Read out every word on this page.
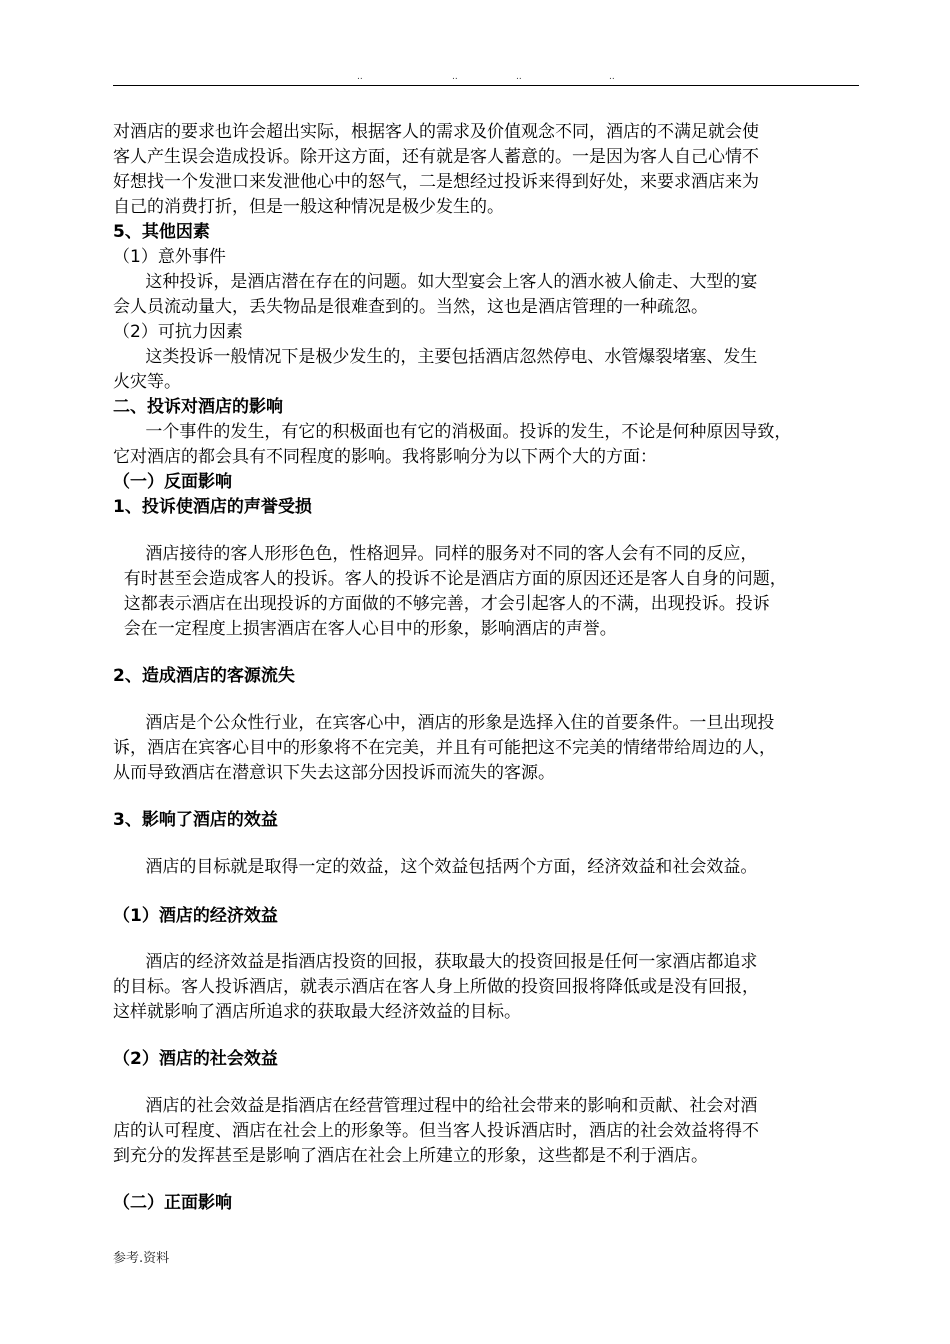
..	..	..	..
对酒店的要求也许会超出实际，根据客人的需求及价值观念不同，酒店的不满足就会使
客人产生误会造成投诉。除开这方面，还有就是客人蓄意的。一是因为客人自己心情不
好想找一个发泄口来发泄他心中的怒气，二是想经过投诉来得到好处，来要求酒店来为
自己的消费打折，但是一般这种情况是极少发生的。
5、其他因素
（1）意外事件
这种投诉，是酒店潜在存在的问题。如大型宴会上客人的酒水被人偷走、大型的宴
会人员流动量大，丢失物品是很难查到的。当然，这也是酒店管理的一种疏忽。
（2）可抗力因素
这类投诉一般情况下是极少发生的，主要包括酒店忽然停电、水管爆裂堵塞、发生
火灾等。
二、投诉对酒店的影响
一个事件的发生，有它的积极面也有它的消极面。投诉的发生，不论是何种原因导致，
它对酒店的都会具有不同程度的影响。我将影响分为以下两个大的方面：
（一）反面影响
1、投诉使酒店的声誉受损
酒店接待的客人形形色色，性格迥异。同样的服务对不同的客人会有不同的反应，
有时甚至会造成客人的投诉。客人的投诉不论是酒店方面的原因还还是客人自身的问题，
这都表示酒店在出现投诉的方面做的不够完善，才会引起客人的不满，出现投诉。投诉
会在一定程度上损害酒店在客人心目中的形象，影响酒店的声誉。
2、造成酒店的客源流失
酒店是个公众性行业，在宾客心中，酒店的形象是选择入住的首要条件。一旦出现投
诉，酒店在宾客心目中的形象将不在完美，并且有可能把这不完美的情绪带给周边的人，
从而导致酒店在潜意识下失去这部分因投诉而流失的客源。
3、影响了酒店的效益
酒店的目标就是取得一定的效益，这个效益包括两个方面，经济效益和社会效益。
（1）酒店的经济效益
酒店的经济效益是指酒店投资的回报，获取最大的投资回报是任何一家酒店都追求
的目标。客人投诉酒店，就表示酒店在客人身上所做的投资回报将降低或是没有回报，
这样就影响了酒店所追求的获取最大经济效益的目标。
（2）酒店的社会效益
酒店的社会效益是指酒店在经营管理过程中的给社会带来的影响和贡献、社会对酒
店的认可程度、酒店在社会上的形象等。但当客人投诉酒店时，酒店的社会效益将得不
到充分的发挥甚至是影响了酒店在社会上所建立的形象，这些都是不利于酒店。
（二）正面影响
参考.资料
